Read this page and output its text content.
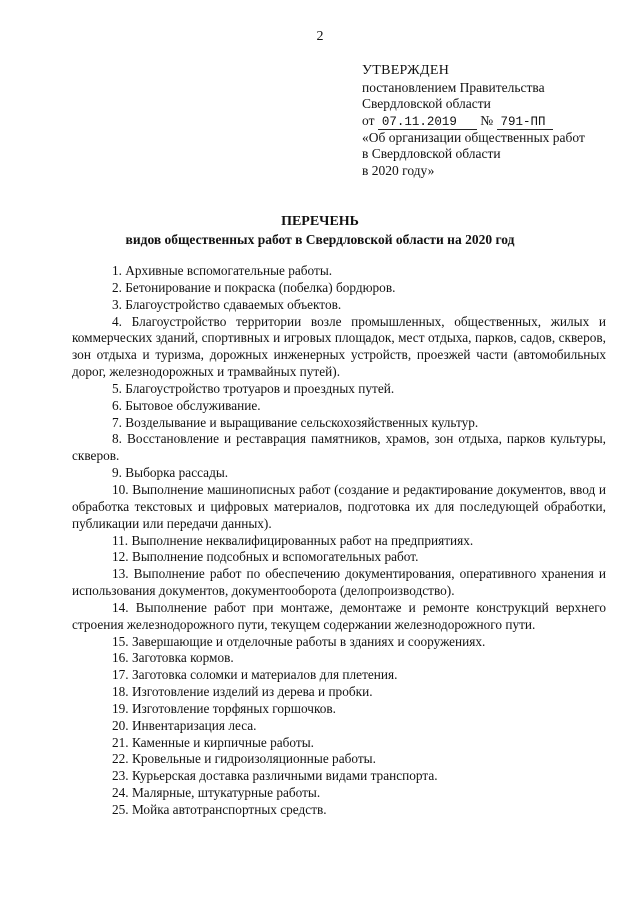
2
УТВЕРЖДЕН
постановлением Правительства
Свердловской области
от 07.11.2019 № 791-ПП
«Об организации общественных работ
в Свердловской области
в 2020 году»
ПЕРЕЧЕНЬ
видов общественных работ в Свердловской области на 2020 год

1. Архивные вспомогательные работы.

2. Бетонирование и покраска (побелка) бордюров.

3. Благоустройство сдаваемых объектов.

4. Благоустройство территории возле промышленных, общественных, жилых и коммерческих зданий, спортивных и игровых площадок, мест отдыха, парков, садов, скверов, зон отдыха и туризма, дорожных инженерных устройств, проезжей части (автомобильных дорог, железнодорожных и трамвайных путей).

5. Благоустройство тротуаров и проездных путей.

6. Бытовое обслуживание.

7. Возделывание и выращивание сельскохозяйственных культур.

8. Восстановление и реставрация памятников, храмов, зон отдыха, парков культуры, скверов.

9. Выборка рассады.

10. Выполнение машинописных работ (создание и редактирование документов, ввод и обработка текстовых и цифровых материалов, подготовка их для последующей обработки, публикации или передачи данных).

11. Выполнение неквалифицированных работ на предприятиях.

12. Выполнение подсобных и вспомогательных работ.

13. Выполнение работ по обеспечению документирования, оперативного хранения и использования документов, документооборота (делопроизводство).

14. Выполнение работ при монтаже, демонтаже и ремонте конструкций верхнего строения железнодорожного пути, текущем содержании железнодорожного пути.

15. Завершающие и отделочные работы в зданиях и сооружениях.

16. Заготовка кормов.

17. Заготовка соломки и материалов для плетения.

18. Изготовление изделий из дерева и пробки.

19. Изготовление торфяных горшочков.

20. Инвентаризация леса.

21. Каменные и кирпичные работы.

22. Кровельные и гидроизоляционные работы.

23. Курьерская доставка различными видами транспорта.

24. Малярные, штукатурные работы.

25. Мойка автотранспортных средств.
